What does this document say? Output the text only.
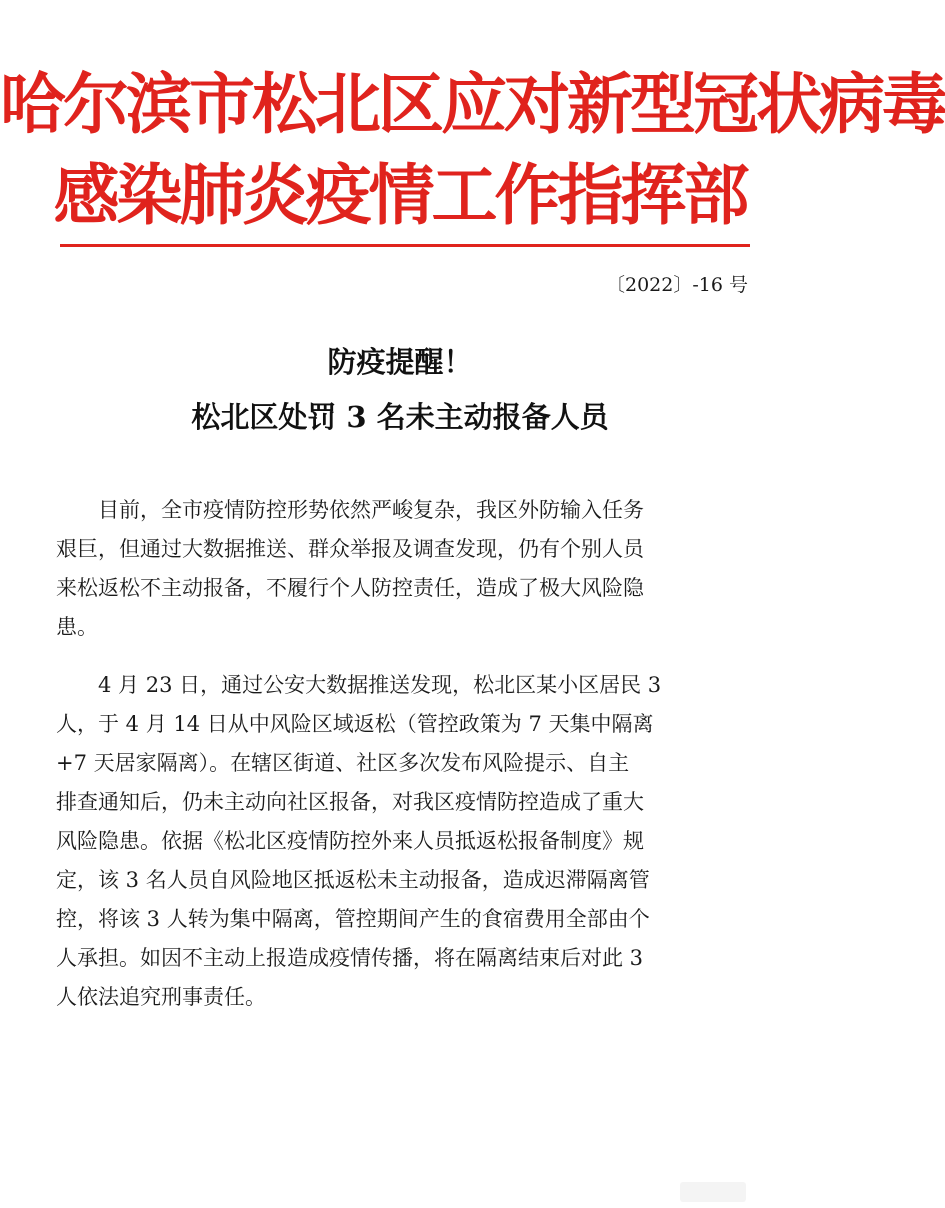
哈尔滨市松北区应对新型冠状病毒
感染肺炎疫情工作指挥部
〔2022〕-16 号
防疫提醒！
松北区处罚 3 名未主动报备人员
　　目前，全市疫情防控形势依然严峻复杂，我区外防输入任务
艰巨，但通过大数据推送、群众举报及调查发现，仍有个别人员
来松返松不主动报备，不履行个人防控责任，造成了极大风险隐
患。
　　4 月 23 日，通过公安大数据推送发现，松北区某小区居民 3
人，于 4 月 14 日从中风险区域返松（管控政策为 7 天集中隔离
+7 天居家隔离）。在辖区街道、社区多次发布风险提示、自主
排查通知后，仍未主动向社区报备，对我区疫情防控造成了重大
风险隐患。依据《松北区疫情防控外来人员抵返松报备制度》规
定，该 3 名人员自风险地区抵返松未主动报备，造成迟滞隔离管
控，将该 3 人转为集中隔离，管控期间产生的食宿费用全部由个
人承担。如因不主动上报造成疫情传播，将在隔离结束后对此 3
人依法追究刑事责任。
